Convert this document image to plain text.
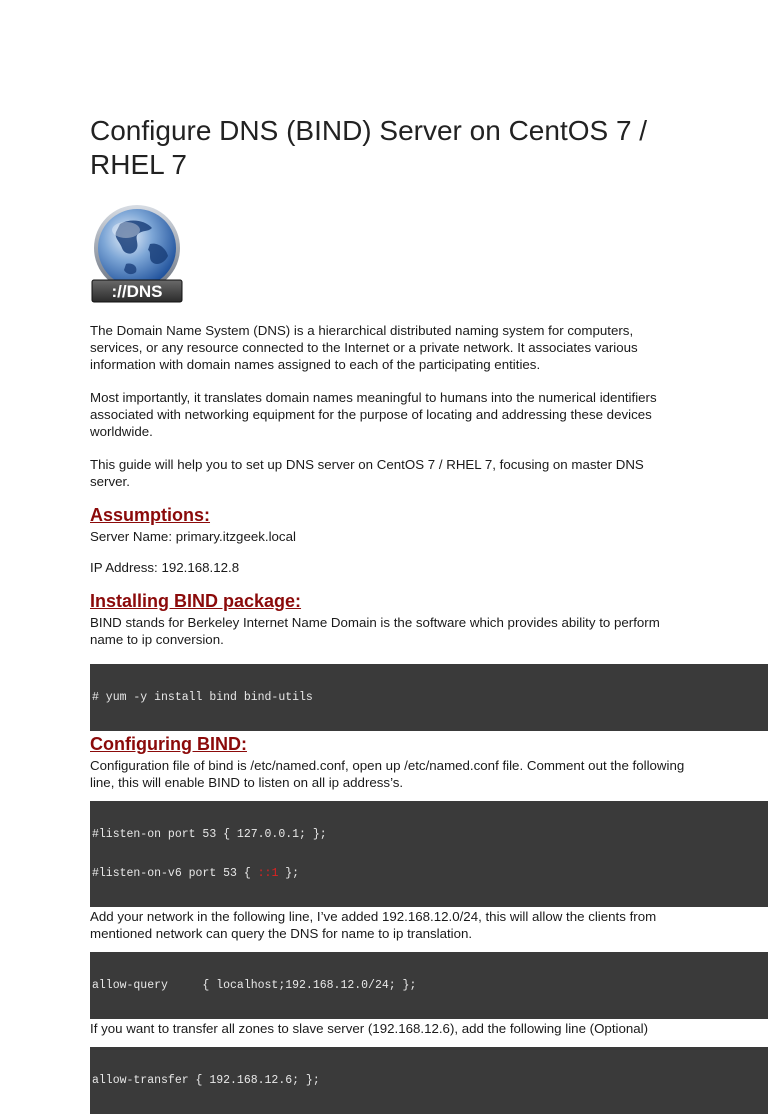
Configure DNS (BIND) Server on CentOS 7 / RHEL 7
://DNS

The Domain Name System (DNS) is a hierarchical distributed naming system for computers, services, or any resource connected to the Internet or a private network. It associates various information with domain names assigned to each of the participating entities.

Most importantly, it translates domain names meaningful to humans into the numerical identifiers associated with networking equipment for the purpose of locating and addressing these devices worldwide.

This guide will help you to set up DNS server on CentOS 7 / RHEL 7, focusing on master DNS server.

Assumptions:

Server Name: primary.itzgeek.local

IP Address: 192.168.12.8

Installing BIND package:

BIND stands for Berkeley Internet Name Domain is the software which provides ability to perform name to ip conversion.

# yum -y install bind bind-utils

Configuring BIND:

Configuration file of bind is /etc/named.conf, open up /etc/named.conf file. Comment out the following line, this will enable BIND to listen on all ip address’s.

#listen-on port 53 { 127.0.0.1; };

#listen-on-v6 port 53 { ::1 };

Add your network in the following line, I’ve added 192.168.12.0/24, this will allow the clients from mentioned network can query the DNS for name to ip translation.

allow-query     { localhost;192.168.12.0/24; };

If you want to transfer all zones to slave server (192.168.12.6), add the following line (Optional)

allow-transfer { 192.168.12.6; };
